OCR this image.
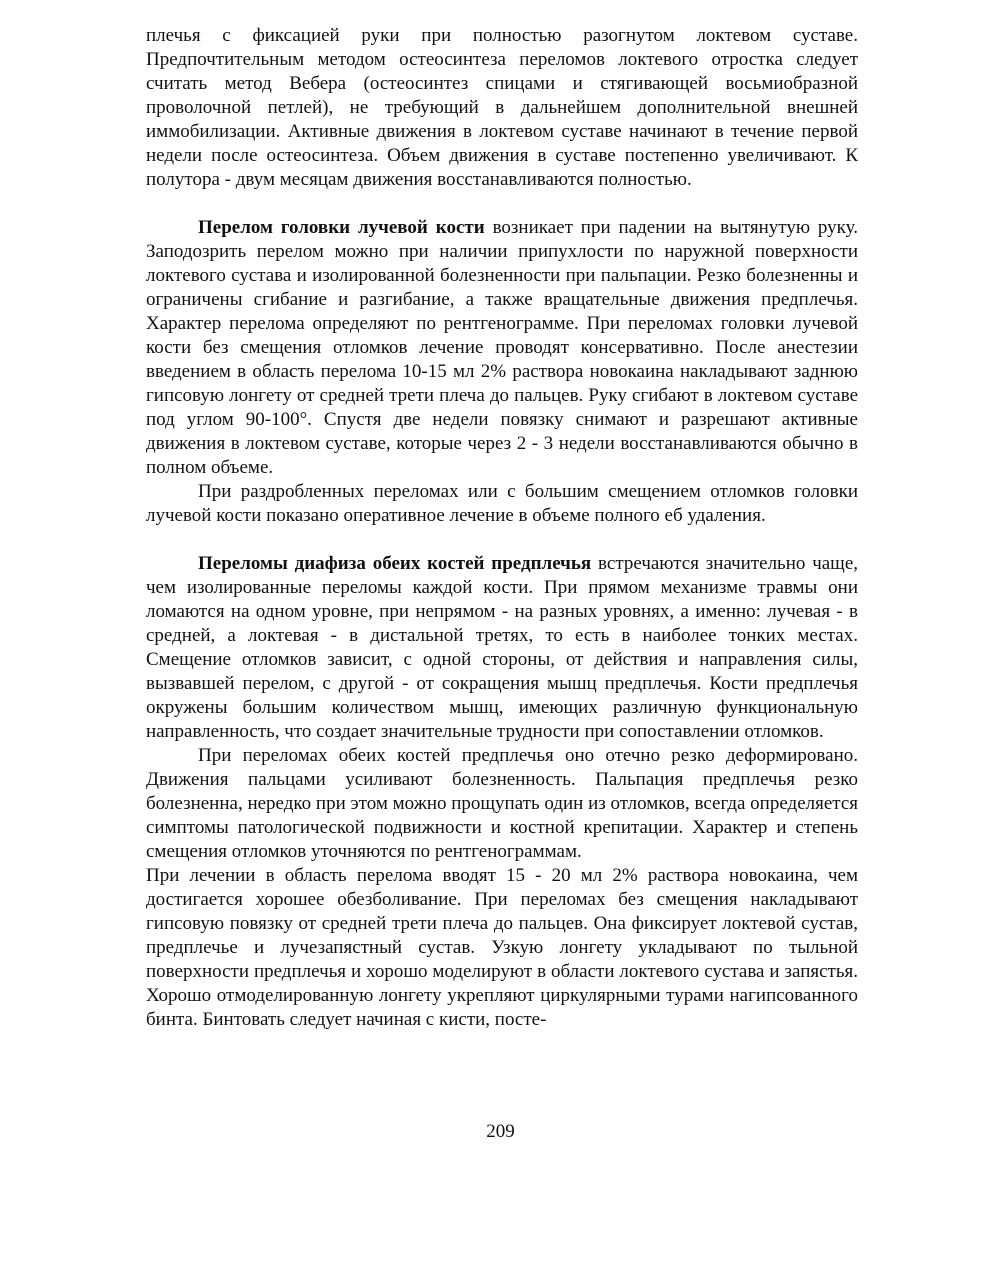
плечья с фиксацией руки при полностью разогнутом локтевом суставе. Предпочтительным методом остеосинтеза переломов локтевого отростка следует считать метод Вебера (остеосинтез спицами и стягивающей восьмиобразной проволочной петлей), не требующий в дальнейшем дополнительной внешней иммобилизации. Активные движения в локтевом суставе начинают в течение первой недели после остеосинтеза. Объем движения в суставе постепенно увеличивают. К полутора - двум месяцам движения восстанавливаются полностью.

Перелом головки лучевой кости возникает при падении на вытянутую руку. Заподозрить перелом можно при наличии припухлости по наружной поверхности локтевого сустава и изолированной болезненности при пальпации. Резко болезненны и ограничены сгибание и разгибание, а также вращательные движения предплечья. Характер перелома определяют по рентгенограмме. При переломах головки лучевой кости без смещения отломков лечение проводят консервативно. После анестезии введением в область перелома 10-15 мл 2% раствора новокаина накладывают заднюю гипсовую лонгету от средней трети плеча до пальцев. Руку сгибают в локтевом суставе под углом 90-100°. Спустя две недели повязку снимают и разрешают активные движения в локтевом суставе, которые через 2 - 3 недели восстанавливаются обычно в полном объеме.

При раздробленных переломах или с большим смещением отломков головки лучевой кости показано оперативное лечение в объеме полного еб удаления.

Переломы диафиза обеих костей предплечья встречаются значительно чаще, чем изолированные переломы каждой кости. При прямом механизме травмы они ломаются на одном уровне, при непрямом - на разных уровнях, а именно: лучевая - в средней, а локтевая - в дистальной третях, то есть в наиболее тонких местах. Смещение отломков зависит, с одной стороны, от действия и направления силы, вызвавшей перелом, с другой - от сокращения мышц предплечья. Кости предплечья окружены большим количеством мышц, имеющих различную функциональную направленность, что создает значительные трудности при сопоставлении отломков.

При переломах обеих костей предплечья оно отечно резко деформировано. Движения пальцами усиливают болезненность. Пальпация предплечья резко болезненна, нередко при этом можно прощупать один из отломков, всегда определяется симптомы патологической подвижности и костной крепитации. Характер и степень смещения отломков уточняются по рентгенограммам.

При лечении в область перелома вводят 15 - 20 мл 2% раствора новокаина, чем достигается хорошее обезболивание. При переломах без смещения накладывают гипсовую повязку от средней трети плеча до пальцев. Она фиксирует локтевой сустав, предплечье и лучезапястный сустав. Узкую лонгету укладывают по тыльной поверхности предплечья и хорошо моделируют в области локтевого сустава и запястья. Хорошо отмоделированную лонгету укрепляют циркулярными турами нагипсованного бинта. Бинтовать следует начиная с кисти, посте-

209
